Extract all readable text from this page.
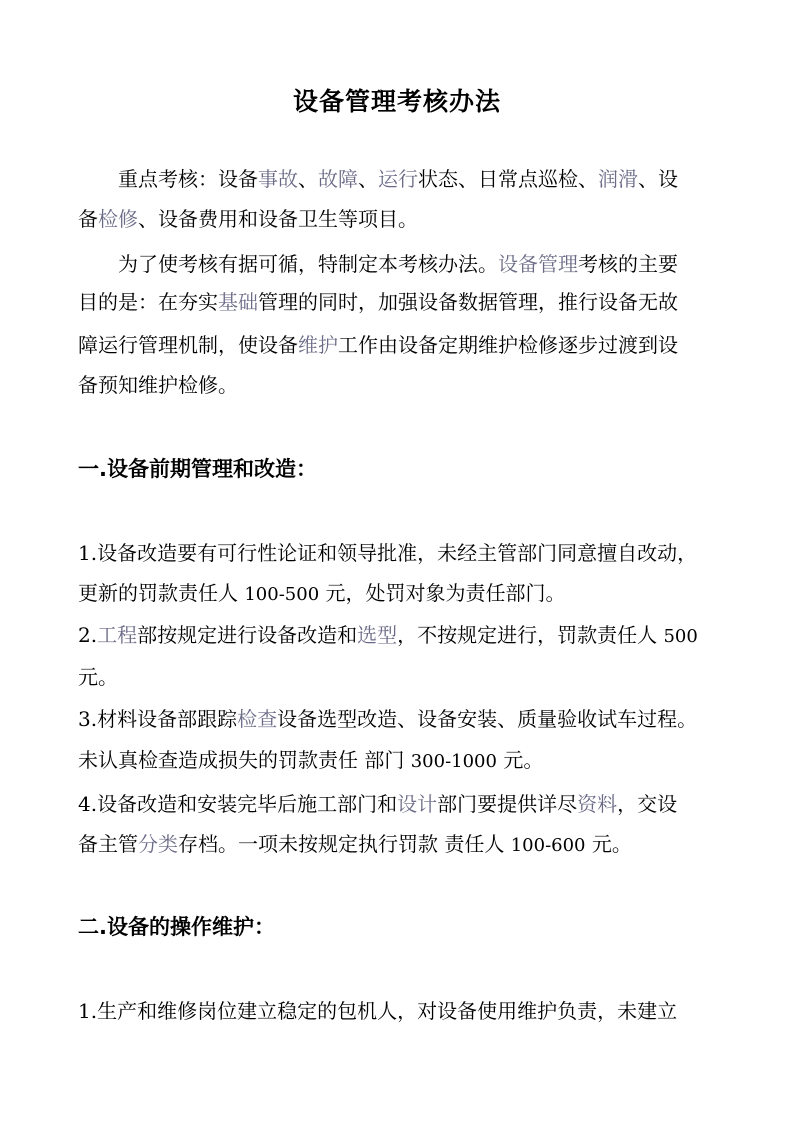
设备管理考核办法
重点考核：设备事故、故障、运行状态、日常点巡检、润滑、设
备检修、设备费用和设备卫生等项目。
为了使考核有据可循，特制定本考核办法。设备管理考核的主要
目的是：在夯实基础管理的同时，加强设备数据管理，推行设备无故
障运行管理机制，使设备维护工作由设备定期维护检修逐步过渡到设
备预知维护检修。
一.设备前期管理和改造：
1.设备改造要有可行性论证和领导批准，未经主管部门同意擅自改动，
更新的罚款责任人 100-500 元，处罚对象为责任部门。
2.工程部按规定进行设备改造和选型，不按规定进行，罚款责任人 500
元。
3.材料设备部跟踪检查设备选型改造、设备安装、质量验收试车过程。
未认真检查造成损失的罚款责任 部门 300-1000 元。
4.设备改造和安装完毕后施工部门和设计部门要提供详尽资料，交设
备主管分类存档。一项未按规定执行罚款 责任人 100-600 元。
二.设备的操作维护：
1.生产和维修岗位建立稳定的包机人，对设备使用维护负责，未建立
